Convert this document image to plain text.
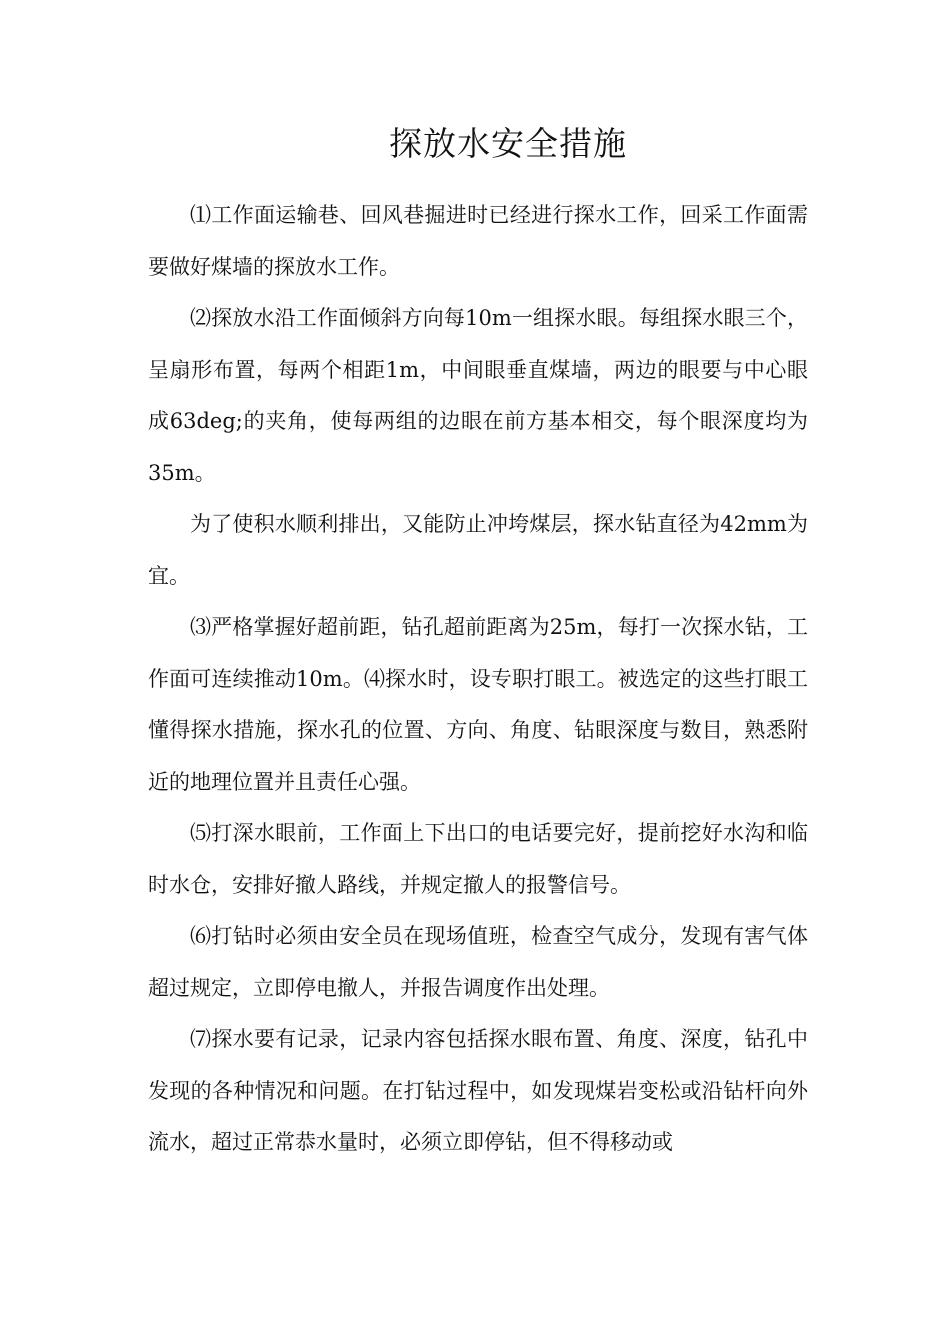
探放水安全措施

⑴工作面运输巷、回风巷掘进时已经进行探水工作，回采工作面需要做好煤墙的探放水工作。

⑵探放水沿工作面倾斜方向每10m一组探水眼。每组探水眼三个，呈扇形布置，每两个相距1m，中间眼垂直煤墙，两边的眼要与中心眼成63deg;的夹角，使每两组的边眼在前方基本相交，每个眼深度均为35m。

为了使积水顺利排出，又能防止冲垮煤层，探水钻直径为42mm为宜。

⑶严格掌握好超前距，钻孔超前距离为25m，每打一次探水钻，工作面可连续推动10m。⑷探水时，设专职打眼工。被选定的这些打眼工懂得探水措施，探水孔的位置、方向、角度、钻眼深度与数目，熟悉附近的地理位置并且责任心强。

⑸打深水眼前，工作面上下出口的电话要完好，提前挖好水沟和临时水仓，安排好撤人路线，并规定撤人的报警信号。

⑹打钻时必须由安全员在现场值班，检查空气成分，发现有害气体超过规定，立即停电撤人，并报告调度作出处理。

⑺探水要有记录，记录内容包括探水眼布置、角度、深度，钻孔中发现的各种情况和问题。在打钻过程中，如发现煤岩变松或沿钻杆向外流水，超过正常恭水量时，必须立即停钻，但不得移动或
